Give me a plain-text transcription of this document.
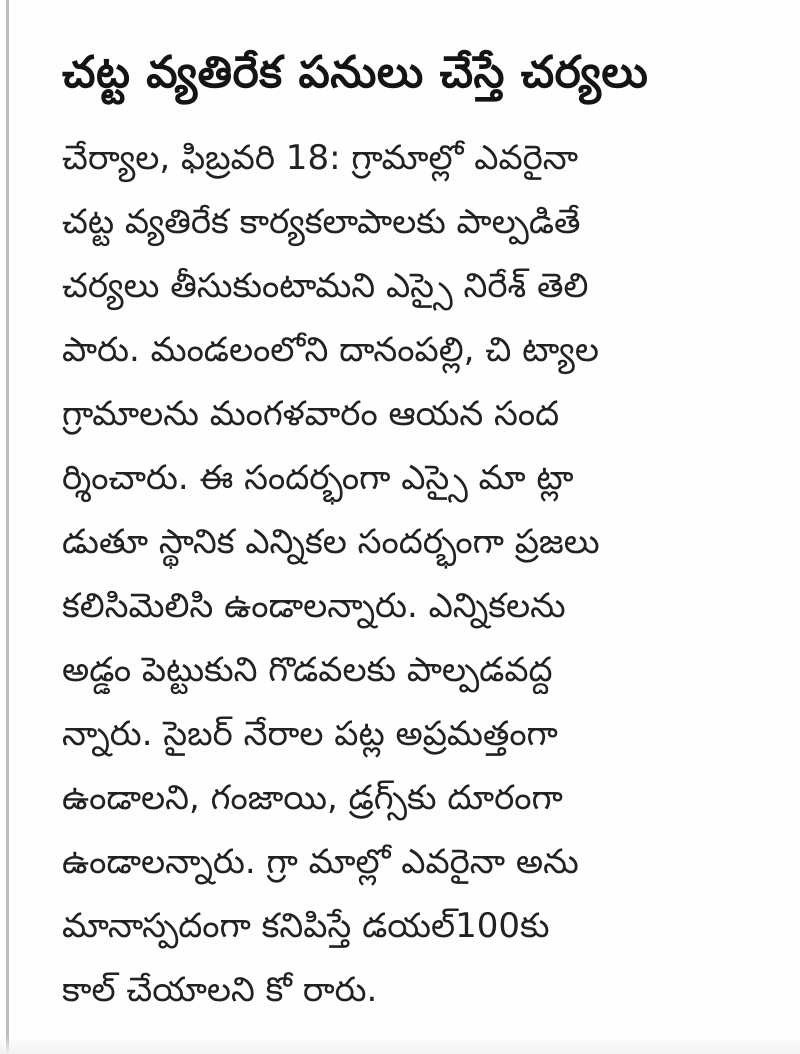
చట్ట వ్యతిరేక పనులు చేస్తే చర్యలు
చేర్యాల, ఫిబ్రవరి 18: గ్రామాల్లో ఎవరైనా
చట్ట వ్యతిరేక కార్యకలాపాలకు పాల్పడితే
చర్యలు తీసుకుంటామని ఎస్సై నిరేశ్ తెలి
పారు. మండలంలోని దానంపల్లి, చి ట్యాల
గ్రామాలను మంగళవారం ఆయన సంద
ర్శించారు. ఈ సందర్భంగా ఎస్సై మా ట్లా
డుతూ స్థానిక ఎన్నికల సందర్భంగా ప్రజలు
కలిసిమెలిసి ఉండాలన్నారు. ఎన్నికలను
అడ్డం పెట్టుకుని గొడవలకు పాల్పడవద్ద
న్నారు. సైబర్ నేరాల పట్ల అప్రమత్తంగా
ఉండాలని, గంజాయి, డ్రగ్స్‌కు దూరంగా
ఉండాలన్నారు. గ్రా మాల్లో ఎవరైనా అను
మానాస్పదంగా కనిపిస్తే డయల్100కు
కాల్ చేయాలని కో రారు.
